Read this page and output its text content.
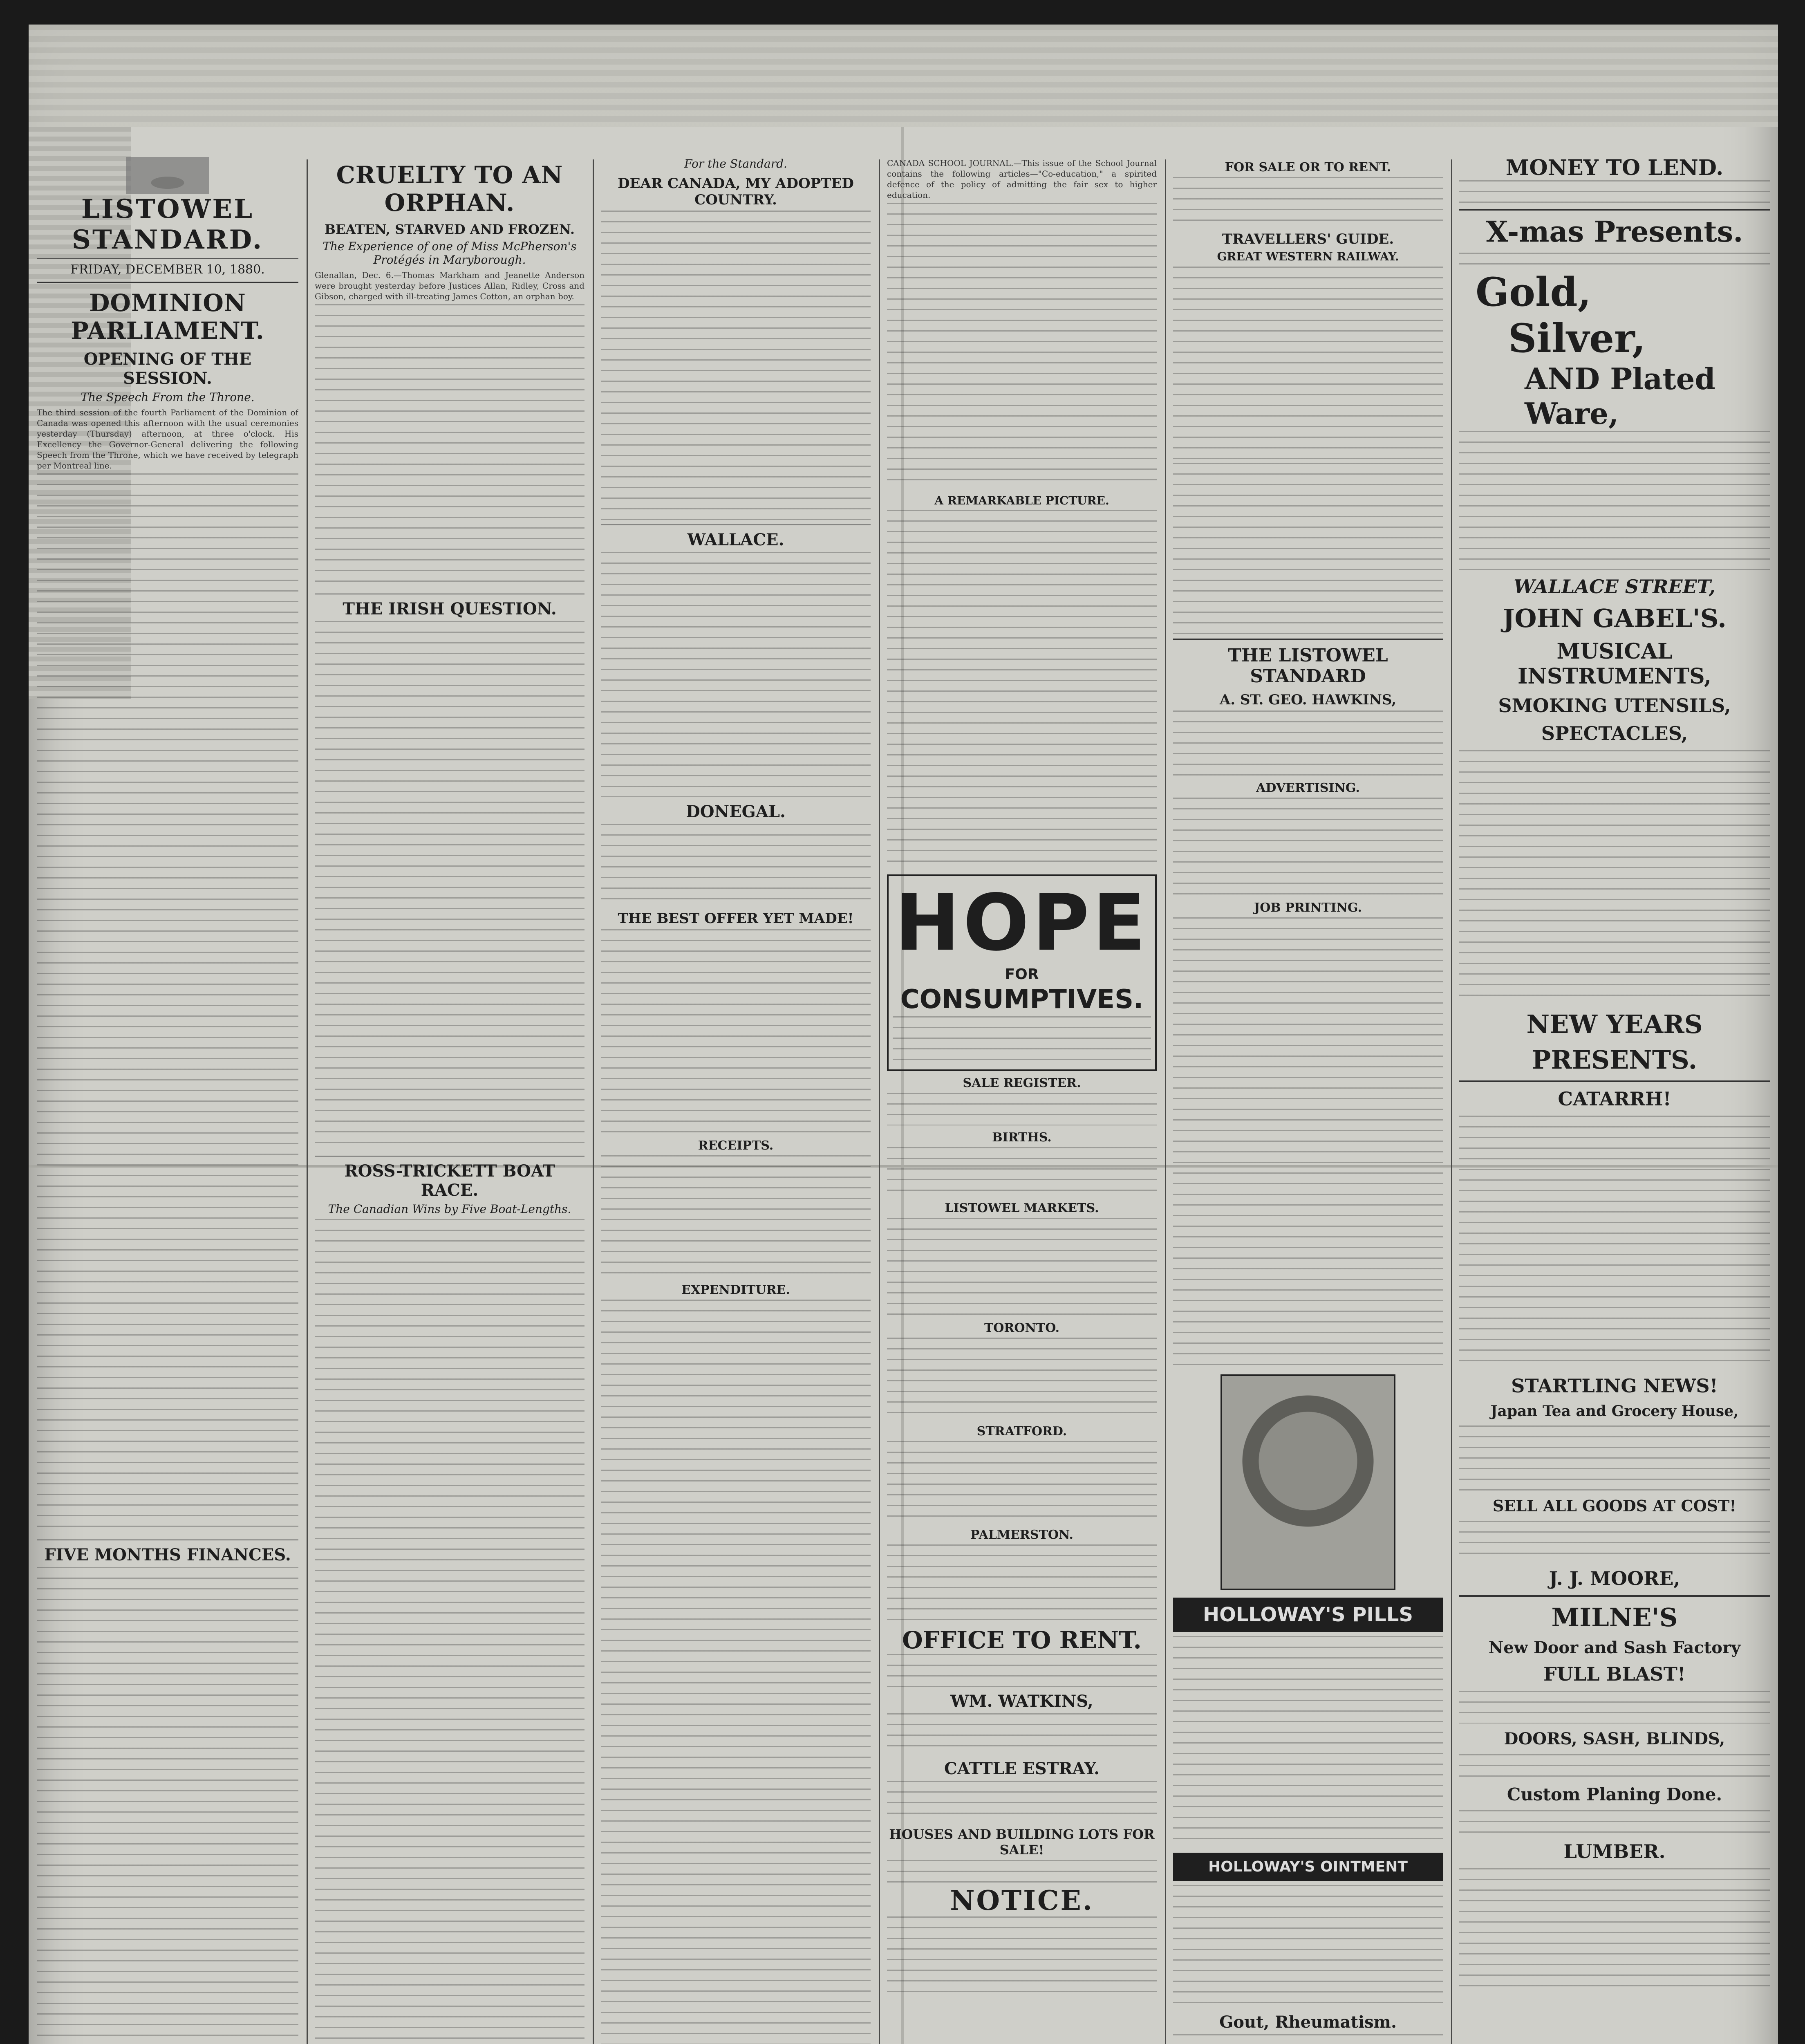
LISTOWEL STANDARD.

FRIDAY, DECEMBER 10, 1880.

DOMINION PARLIAMENT.
OPENING OF THE SESSION.
The Speech From the Throne.

The third session of the fourth Parliament of the Dominion of Canada was opened this afternoon with the usual ceremonies yesterday (Thursday) afternoon, at three o'clock. His Excellency the Governor-General delivering the following Speech from the Throne, which we have received by telegraph per Montreal line.

FIVE MONTHS FINANCES.
CRUELTY TO AN ORPHAN.
BEATEN, STARVED AND FROZEN.
The Experience of one of Miss McPherson's Protégés in Maryborough.

Glenallan, Dec. 6.—Thomas Markham and Jeanette Anderson were brought yesterday before Justices Allan, Ridley, Cross and Gibson, charged with ill-treating James Cotton, an orphan boy.

THE IRISH QUESTION.
ROSS-TRICKETT BOAT RACE.
The Canadian Wins by Five Boat-Lengths.
For the Standard.
DEAR CANADA, MY ADOPTED COUNTRY.
WALLACE.
DONEGAL.
THE BEST OFFER YET MADE!
RECEIPTS.
EXPENDITURE.

CANADA SCHOOL JOURNAL.—This issue of the School Journal contains the following articles—"Co-education," a spirited defence of the policy of admitting the fair sex to higher education.

A REMARKABLE PICTURE.
HOPE
FOR
CONSUMPTIVES.
SALE REGISTER.
BIRTHS.
LISTOWEL MARKETS.
TORONTO.
STRATFORD.
PALMERSTON.
OFFICE TO RENT.
WM. WATKINS,
CATTLE ESTRAY.
HOUSES AND BUILDING LOTS FOR SALE!
NOTICE.
FOR SALE OR TO RENT.
TRAVELLERS' GUIDE.
GREAT WESTERN RAILWAY.
THE LISTOWEL STANDARD
A. ST. GEO. HAWKINS,
ADVERTISING.
JOB PRINTING.
HOLLOWAY'S PILLS
HOLLOWAY'S OINTMENT
Gout, Rheumatism.
MONEY TO LEND.
X-mas Presents.
Gold,
Silver,
AND Plated Ware,
WALLACE STREET,
JOHN GABEL'S.
MUSICAL INSTRUMENTS,
SMOKING UTENSILS,
SPECTACLES,
NEW YEARS
PRESENTS.
CATARRH!
STARTLING NEWS!
Japan Tea and Grocery House,
SELL ALL GOODS AT COST!
J. J. MOORE,
MILNE'S
New Door and Sash Factory
FULL BLAST!
DOORS, SASH, BLINDS,
Custom Planing Done.
LUMBER.
